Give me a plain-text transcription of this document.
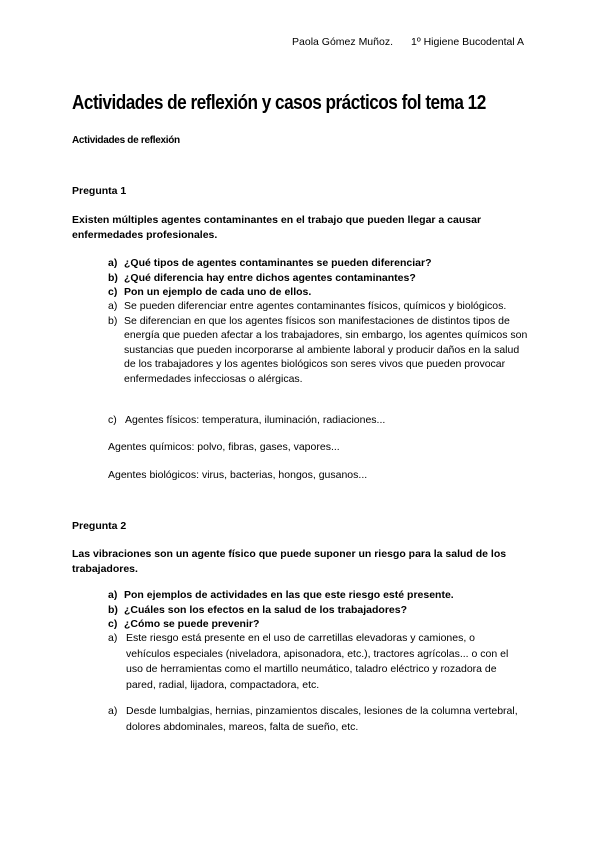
Paola Gómez Muñoz. 1º Higiene Bucodental A
Actividades de reflexión y casos prácticos fol tema 12
Actividades de reflexión
Pregunta 1
Existen múltiples agentes contaminantes en el trabajo que pueden llegar a causar enfermedades profesionales.
a) ¿Qué tipos de agentes contaminantes se pueden diferenciar?
b) ¿Qué diferencia hay entre dichos agentes contaminantes?
c) Pon un ejemplo de cada uno de ellos.
a) Se pueden diferenciar entre agentes contaminantes físicos, químicos y biológicos.
b) Se diferencian en que los agentes físicos son manifestaciones de distintos tipos de energía que pueden afectar a los trabajadores, sin embargo, los agentes químicos son sustancias que pueden incorporarse al ambiente laboral y producir daños en la salud de los trabajadores y los agentes biológicos son seres vivos que pueden provocar enfermedades infecciosas o alérgicas.
c) Agentes físicos: temperatura, iluminación, radiaciones...
Agentes químicos: polvo, fibras, gases, vapores...
Agentes biológicos: virus, bacterias, hongos, gusanos...
Pregunta 2
Las vibraciones son un agente físico que puede suponer un riesgo para la salud de los trabajadores.
a) Pon ejemplos de actividades en las que este riesgo esté presente.
b) ¿Cuáles son los efectos en la salud de los trabajadores?
c) ¿Cómo se puede prevenir?
a) Este riesgo está presente en el uso de carretillas elevadoras y camiones, o vehículos especiales (niveladora, apisonadora, etc.), tractores agrícolas... o con el uso de herramientas como el martillo neumático, taladro eléctrico y rozadora de pared, radial, lijadora, compactadora, etc.
a) Desde lumbalgias, hernias, pinzamientos discales, lesiones de la columna vertebral, dolores abdominales, mareos, falta de sueño, etc.
